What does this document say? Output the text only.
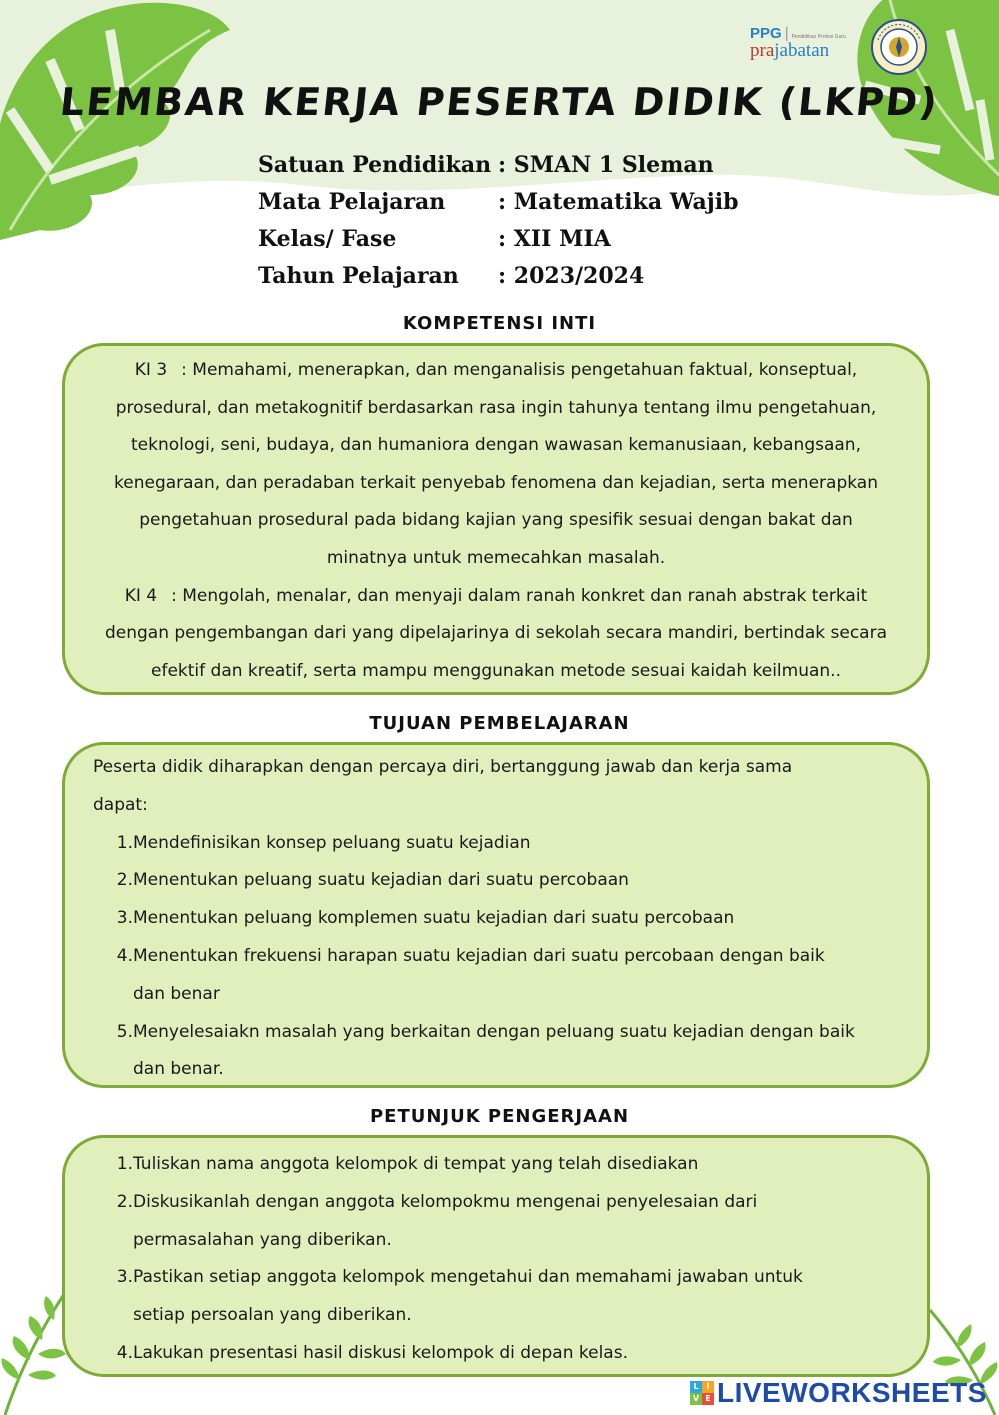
PPG | Pendidikan Profesi Guru
prajabatan
LEMBAR KERJA PESERTA DIDIK (LKPD)
Satuan Pendidikan : SMAN 1 Sleman
Mata Pelajaran	: Matematika Wajib
Kelas/ Fase	: XII MIA
Tahun Pelajaran	: 2023/2024
KOMPETENSI INTI

KI 3 : Memahami, menerapkan, dan menganalisis pengetahuan faktual, konseptual,

prosedural, dan metakognitif berdasarkan rasa ingin tahunya tentang ilmu pengetahuan,

teknologi, seni, budaya, dan humaniora dengan wawasan kemanusiaan, kebangsaan,

kenegaraan, dan peradaban terkait penyebab fenomena dan kejadian, serta menerapkan

pengetahuan prosedural pada bidang kajian yang spesifik sesuai dengan bakat dan

minatnya untuk memecahkan masalah.

KI 4 : Mengolah, menalar, dan menyaji dalam ranah konkret dan ranah abstrak terkait

dengan pengembangan dari yang dipelajarinya di sekolah secara mandiri, bertindak secara

efektif dan kreatif, serta mampu menggunakan metode sesuai kaidah keilmuan..

TUJUAN PEMBELAJARAN
Peserta didik diharapkan dengan percaya diri, bertanggung jawab dan kerja sama
dapat:
1. Mendefinisikan konsep peluang suatu kejadian
2. Menentukan peluang suatu kejadian dari suatu percobaan
3. Menentukan peluang komplemen suatu kejadian dari suatu percobaan
4. Menentukan frekuensi harapan suatu kejadian dari suatu percobaan dengan baik
dan benar
5. Menyelesaiakn masalah yang berkaitan dengan peluang suatu kejadian dengan baik
dan benar.
PETUNJUK PENGERJAAN
1. Tuliskan nama anggota kelompok di tempat yang telah disediakan
2. Diskusikanlah dengan anggota kelompokmu mengenai penyelesaian dari
permasalahan yang diberikan.
3. Pastikan setiap anggota kelompok mengetahui dan memahami jawaban untuk
setiap persoalan yang diberikan.
4. Lakukan presentasi hasil diskusi kelompok di depan kelas.
L I
V E LIVEWORKSHEETS
